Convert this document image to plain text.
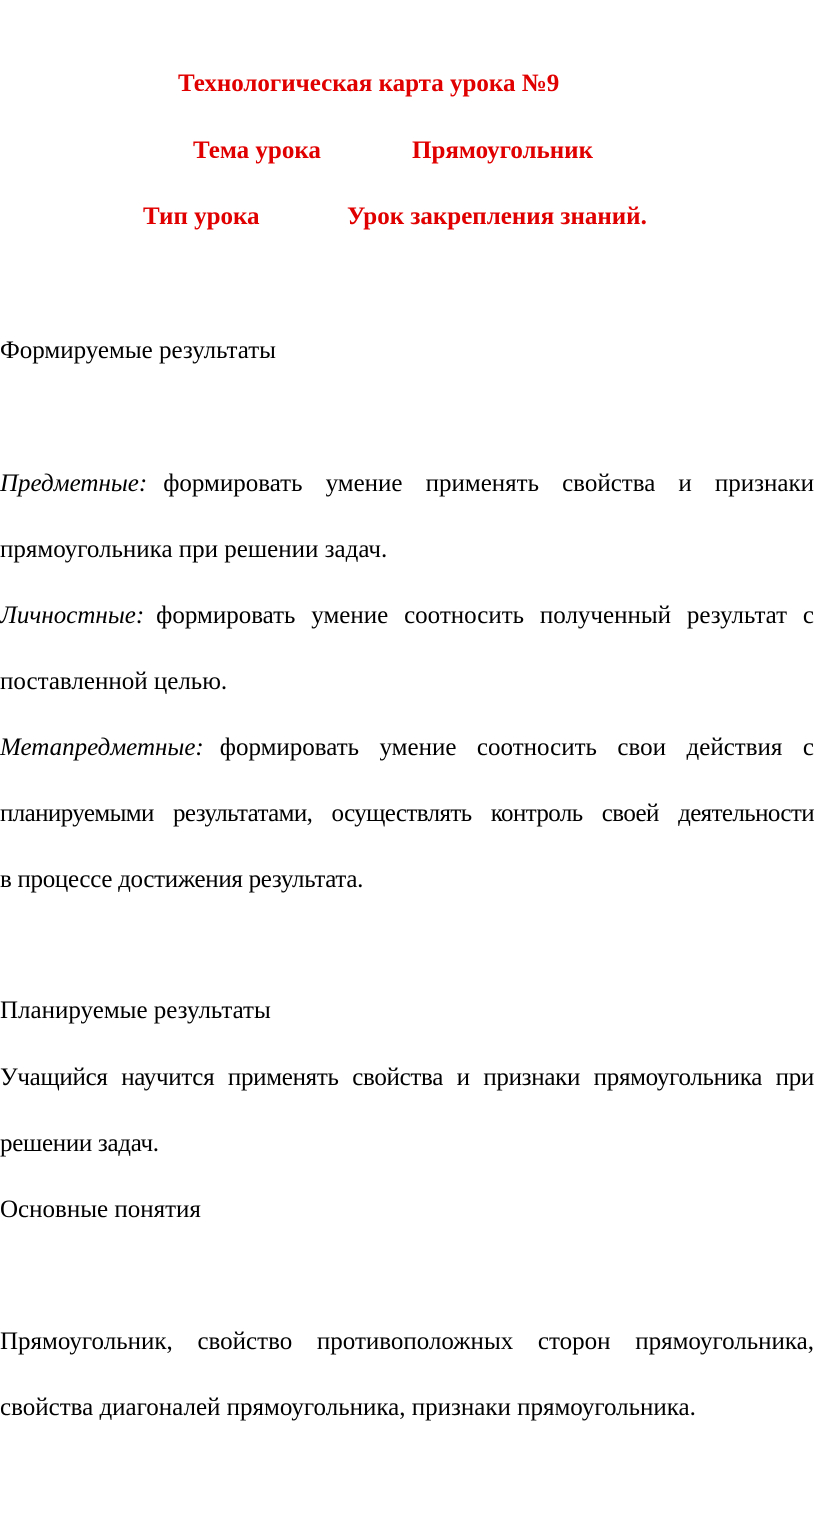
Технологическая карта урока №9
Тема урока	Прямоугольник
Тип урока	Урок закрепления знаний.
Формируемые результаты
Предметные: формировать умение применять свойства и признаки
прямоугольника при решении задач.
Личностные: формировать умение соотносить полученный результат с
поставленной целью.
Метапредметные: формировать умение соотносить свои действия с
планируемыми результатами, осуществлять контроль своей деятельности
в процессе достижения результата.
Планируемые результаты
Учащийся научится применять свойства и признаки прямоугольника при
решении задач.
Основные понятия
Прямоугольник, свойство противоположных сторон прямоугольника,
свойства диагоналей прямоугольника, признаки прямоугольника.
